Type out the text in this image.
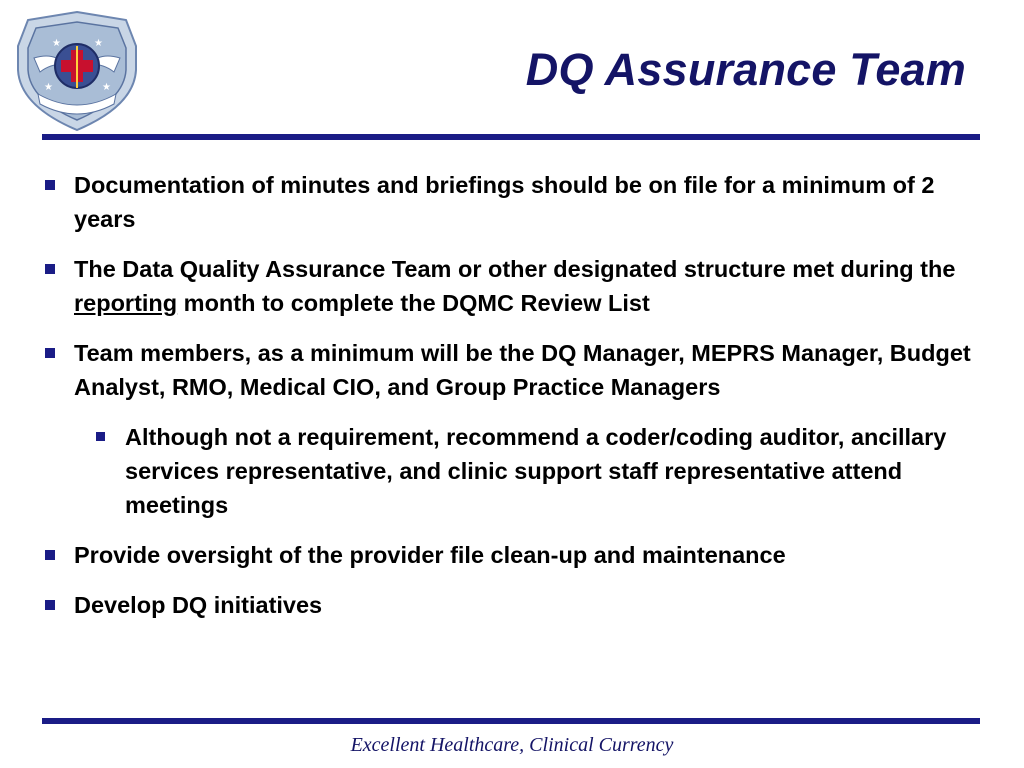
★	★
★	★	DQ Assurance Team
Documentation of minutes and briefings should be on file for a minimum of 2 years
The Data Quality Assurance Team or other designated structure met during the reporting month to complete the DQMC Review List
Team members, as a minimum will be the DQ Manager, MEPRS Manager, Budget Analyst, RMO, Medical CIO, and Group Practice Managers
Although not a requirement, recommend a coder/coding auditor, ancillary services representative, and clinic support staff representative attend meetings
Provide oversight of the provider file clean-up and maintenance
Develop DQ initiatives
Excellent Healthcare, Clinical Currency
